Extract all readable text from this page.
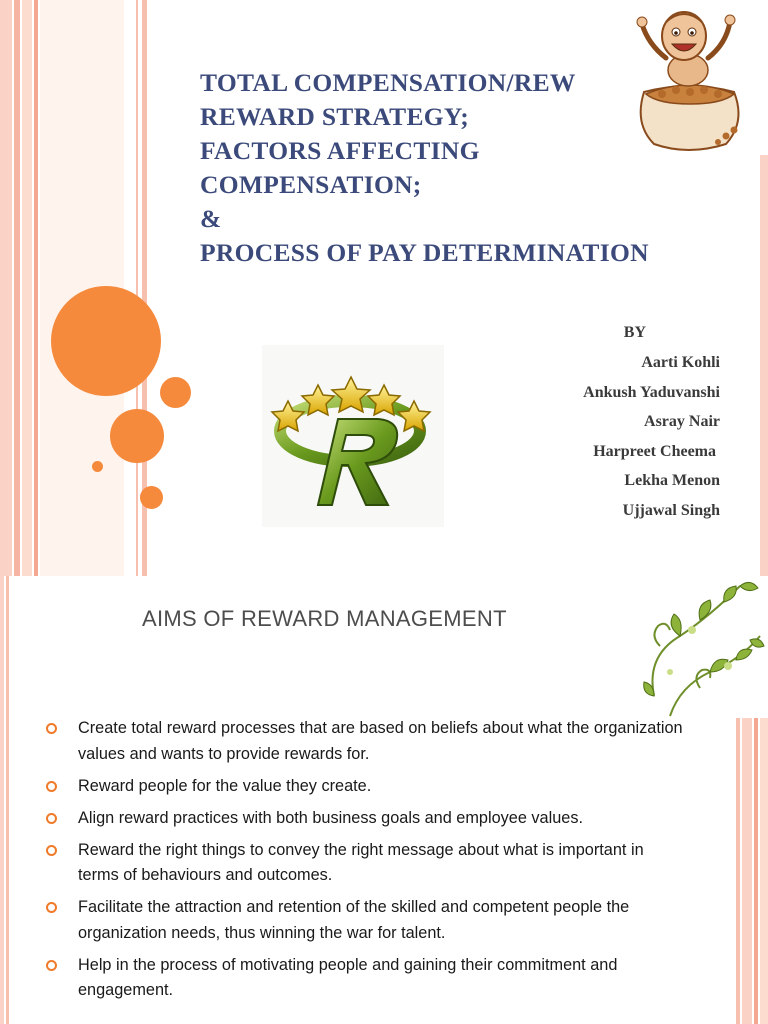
TOTAL COMPENSATION/REW
REWARD STRATEGY;
FACTORS AFFECTING
COMPENSATION;
&
PROCESS OF PAY DETERMINATION
BY
Aarti Kohli
Ankush Yaduvanshi
Asray Nair
Harpreet Cheema
Lekha Menon
Ujjawal Singh
AIMS OF REWARD MANAGEMENT
Create total reward processes that are based on beliefs about what the organization values and wants to provide rewards for.
Reward people for the value they create.
Align reward practices with both business goals and employee values.
Reward the right things to convey the right message about what is important in terms of behaviours and outcomes.
Facilitate the attraction and retention of the skilled and competent people the organization needs, thus winning the war for talent.
Help in the process of motivating people and gaining their commitment and engagement.
